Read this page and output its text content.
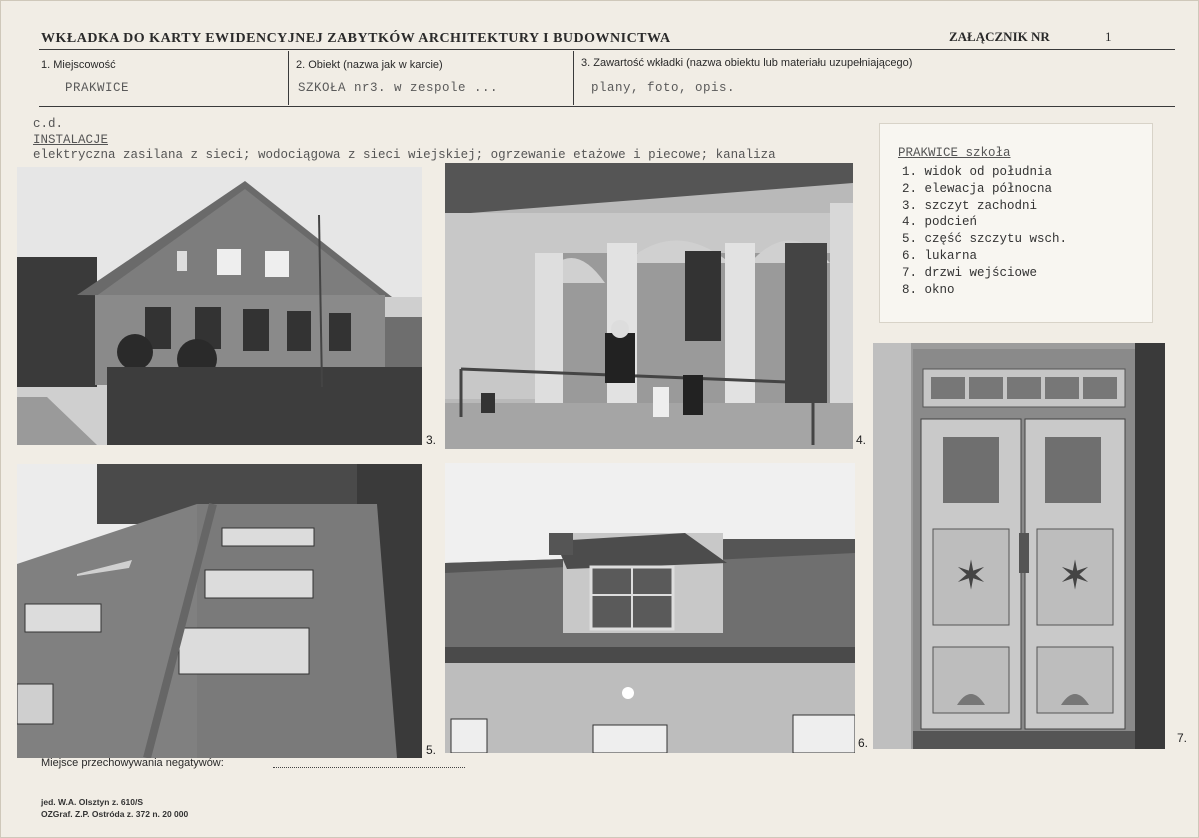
WKŁADKA DO KARTY EWIDENCYJNEJ ZABYTKÓW ARCHITEKTURY I BUDOWNICTWA	ZAŁĄCZNIK NR	1
1. Miejscowość
PRAKWICE
2. Obiekt (nazwa jak w karcie)
SZKOŁA nr3. w zespole ...
3. Zawartość wkładki (nazwa obiektu lub materiału uzupełniającego)
plany, foto, opis.
c.d.
INSTALACJE
elektryczna zasilana z sieci; wodociągowa z sieci wiejskiej; ogrzewanie etażowe i piecowe; kanaliza	PRAKWICE szkoła
1. widok od południa
2. elewacja północna
3. szczyt zachodni
4. podcień
5. część szczytu wsch.
6. lukarna
7. drzwi wejściowe
8. okno
3.	4.
5.	6.
✶ ✶
7.
Miejsce przechowywania negatywów:
jed. W.A. Olsztyn z. 610/S
OZGraf. Z.P. Ostróda z. 372 n. 20 000
